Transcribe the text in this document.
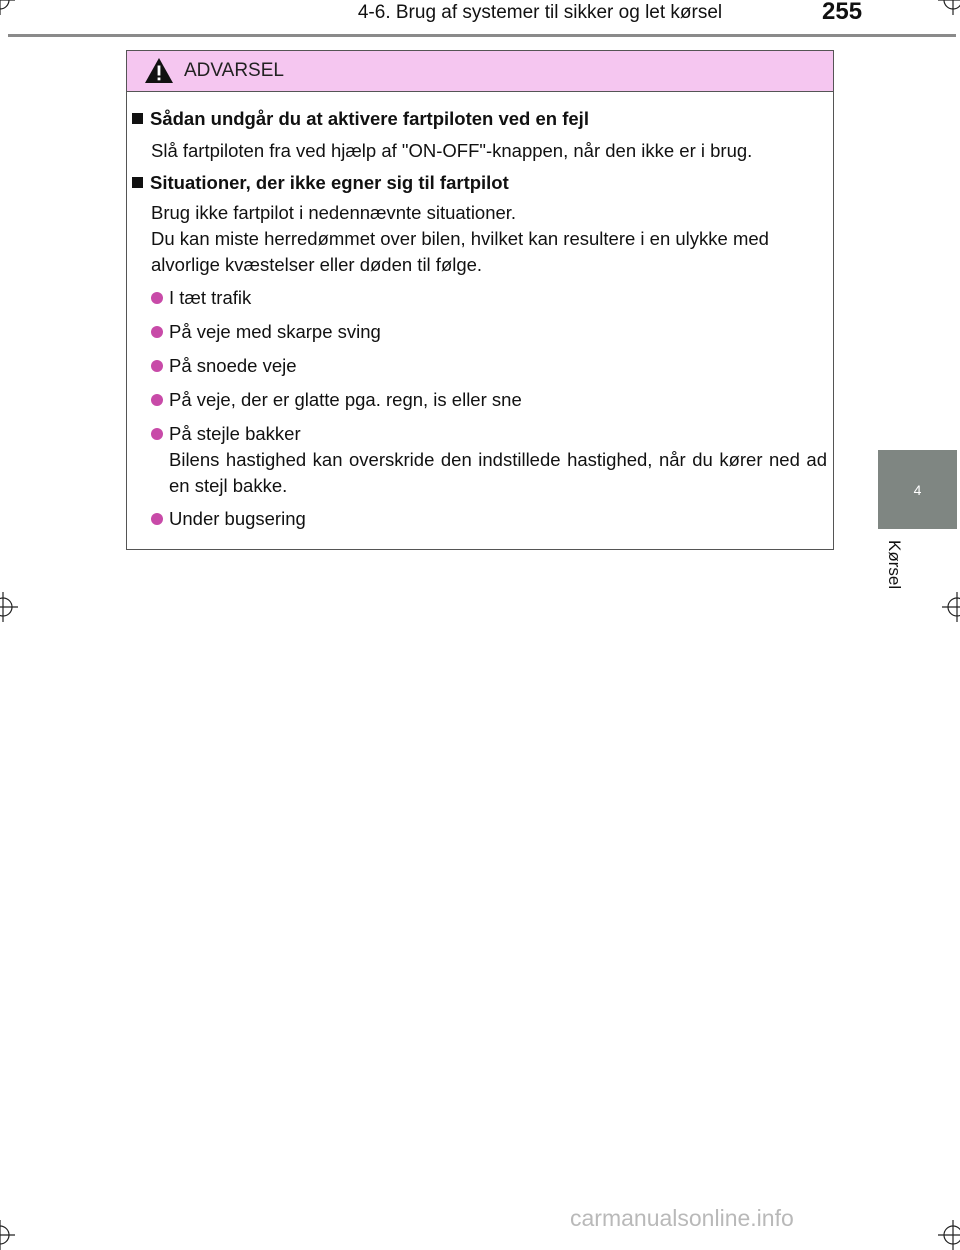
4-6. Brug af systemer til sikker og let kørsel	255
4
Kørsel
ADVARSEL
Sådan undgår du at aktivere fartpiloten ved en fejl
Slå fartpiloten fra ved hjælp af "ON-OFF"-knappen, når den ikke er i brug.
Situationer, der ikke egner sig til fartpilot
Brug ikke fartpilot i nedennævnte situationer.
Du kan miste herredømmet over bilen, hvilket kan resultere i en ulykke med alvorlige kvæstelser eller døden til følge.
I tæt trafik
På veje med skarpe sving
På snoede veje
På veje, der er glatte pga. regn, is eller sne
På stejle bakker
Bilens hastighed kan overskride den indstillede hastighed, når du kører ned ad en stejl bakke.
Under bugsering
carmanualsonline.info
